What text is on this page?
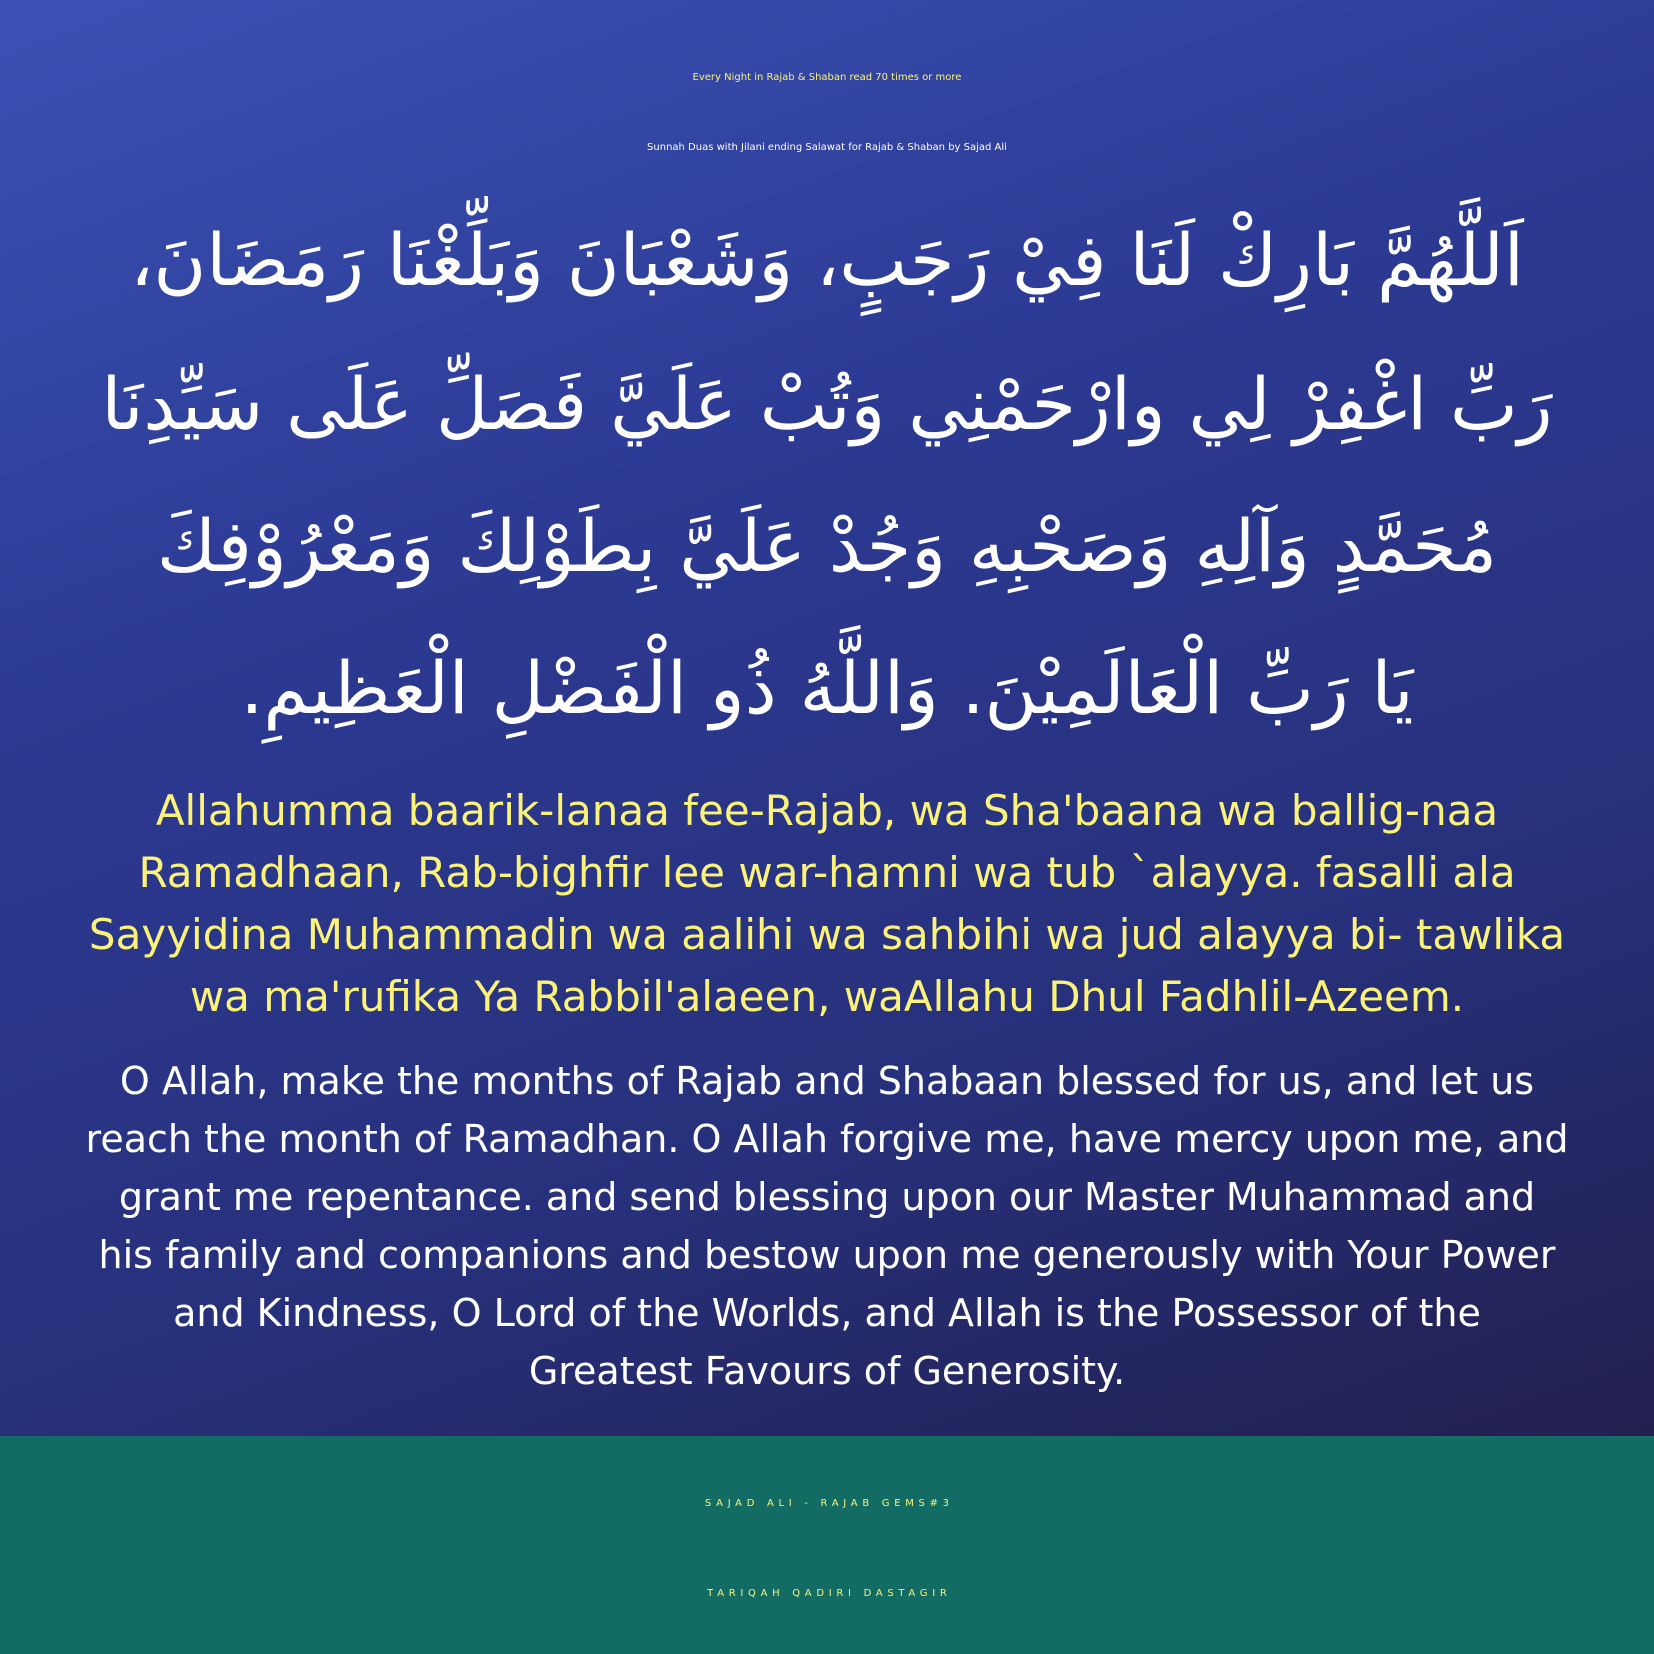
Every Night in Rajab & Shaban read 70 times or more
Sunnah Duas with Jilani ending Salawat for Rajab & Shaban by Sajad Ali
اَللَّهُمَّ بَارِكْ لَنَا فِيْ رَجَبٍ، وَشَعْبَانَ وَبَلِّغْنَا رَمَضَانَ،
رَبِّ اغْفِرْ لِي وارْحَمْنِي وَتُبْ عَلَيَّ فَصَلِّ عَلَى سَيِّدِنَا
مُحَمَّدٍ وَآلِهِ وَصَحْبِهِ وَجُدْ عَلَيَّ بِطَوْلِكَ وَمَعْرُوْفِكَ
يَا رَبِّ الْعَالَمِيْنَ. وَاللَّهُ ذُو الْفَضْلِ الْعَظِيمِ.
Allahumma baarik-lanaa fee-Rajab, wa Sha'baana wa ballig-naa
Ramadhaan, Rab-bighfir lee war-hamni wa tub `alayya. fasalli ala
Sayyidina Muhammadin wa aalihi wa sahbihi wa jud alayya bi- tawlika
wa ma'rufika Ya Rabbil'alaeen, waAllahu Dhul Fadhlil-Azeem.
O Allah, make the months of Rajab and Shabaan blessed for us, and let us
reach the month of Ramadhan. O Allah forgive me, have mercy upon me, and
grant me repentance. and send blessing upon our Master Muhammad and
his family and companions and bestow upon me generously with Your Power
and Kindness, O Lord of the Worlds, and Allah is the Possessor of the
Greatest Favours of Generosity.
SAJAD ALI - RAJAB GEMS#3
TARIQAH QADIRI DASTAGIR
